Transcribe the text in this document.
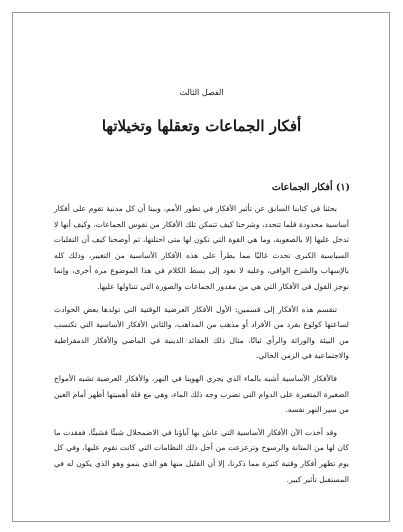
الفصل الثالث
أفكار الجماعات وتعقلها وتخيلاتها
(١) أفكار الجماعات

بحثنا في كتابنا السابق عن تأثير الأفكار في تطور الأمم، وبينا أن كل مدنية تقوم على أفكار أساسية محدودة قلما تتجدد، وشرحنا كيف تتمكن تلك الأفكار من نفوس الجماعات، وكيف أنها لا تدخل عليها إلا بالصعوبة، وما هي القوة التي تكون لها متى احتلتها، ثم أوضحنا كيف أن التقلبات السياسية الكبرى تحدث غالبًا مما يطرأ على هذه الأفكار الأساسية من التغيير، وذلك كله بالإسهاب والشرح الوافي، وعليه لا نعود إلى بسط الكلام في هذا الموضوع مرة أخرى، وإنما نوجز القول في الأفكار التي هي من مقدور الجماعات والصورة التي تتناولها عليها.

تنقسم هذه الأفكار إلى قسمين: الأول الأفكار العرضية الوقتية التي تولدها بعض الحوادث لساعتها كولوع بفرد من الأفراد أو مذهب من المذاهب، والثاني الأفكار الأساسية التي تكتسب من البيئة والوراثة والرأي ثباتًا، مثال ذلك العقائد الدينية في الماضي والأفكار الدمقراطية والاجتماعية في الزمن الحالي.

فالأفكار الأساسية أشبه بالماء الذي يجري الهوينا في النهر، والأفكار العرضية تشبه الأمواج الصغيرة المتغيرة على الدوام التي تضرب وجه ذلك الماء، وهي مع قلة أهميتها أظهر أمام العين من سير النهر نفسه.

وقد أخذت الآن الأفكار الأساسية التي عاش بها آباؤنا في الاضمحلال شيئًا فشيئًا، ففقدت ما كان لها من المتانة والرسوخ وتزعزعت من أجل ذلك النظامات التي كانت تقوم عليها، وفي كل يوم تظهر أفكار وقتية كثيرة مما ذكرنا، إلا أن القليل منها هو الذي ينمو وهو الذي يكون له في المستقبل تأثير كبير.
